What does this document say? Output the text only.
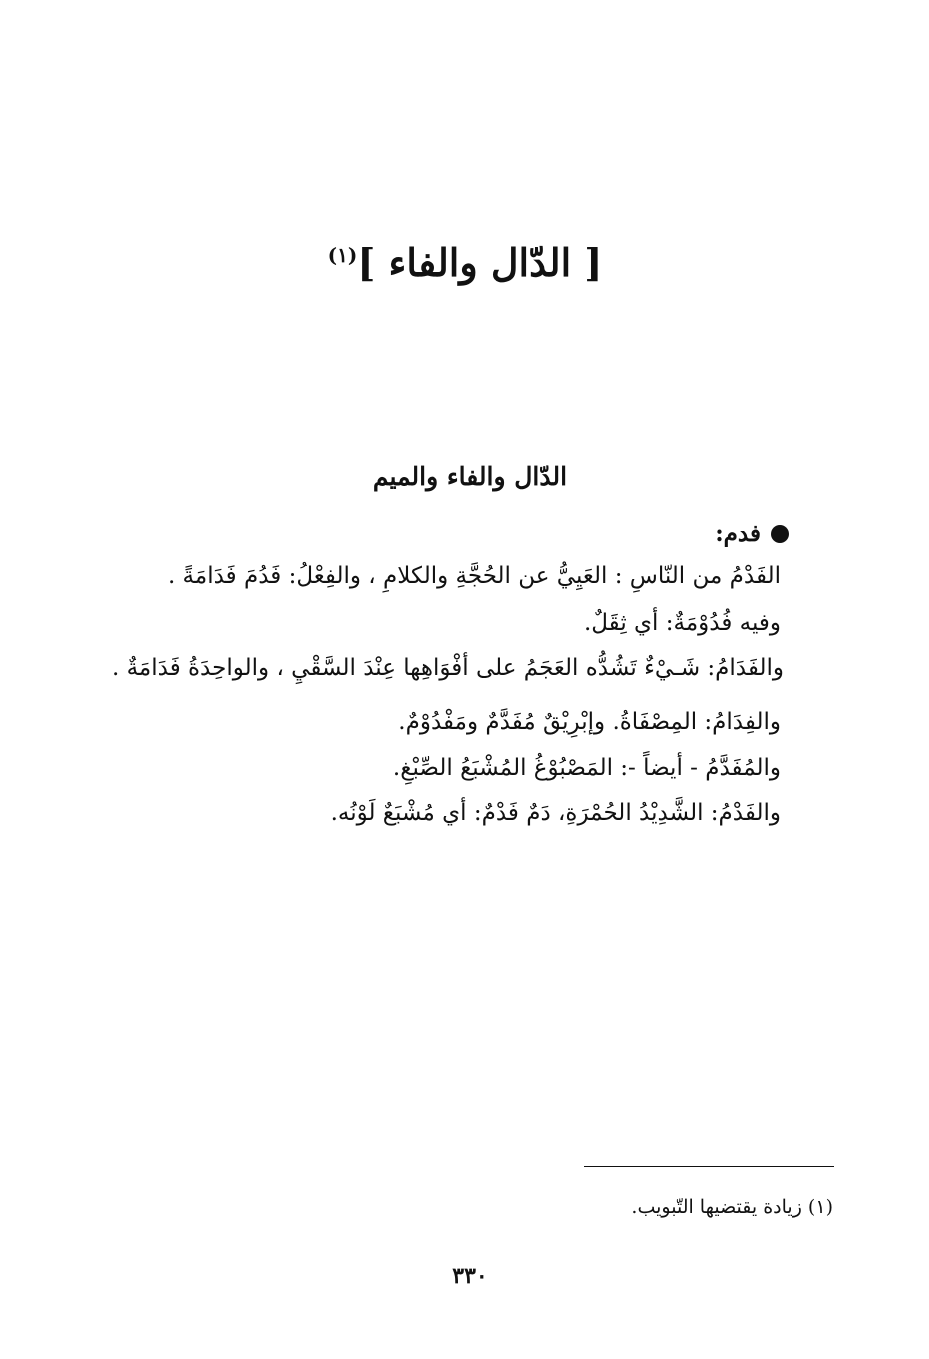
[ الدّال والفاء ]$^{(١)}$
الدّال والفاء والميم
فدم:
الفَدْمُ من النّاسِ : العَيِيُّ عن الحُجَّةِ والكلامِ ، والفِعْلُ: فَدُمَ فَدَامَةً .
وفيه فُدُوْمَةٌ: أي ثِقَلٌ.
والفَدَامُ: شَـيْءٌ تَشُدُّه العَجَمُ على أفْوَاهِها عِنْدَ السَّقْيِ ، والواحِدَةُ فَدَامَةٌ .
والفِدَامُ: المِصْفَاةُ. وإبْرِيْقٌ مُفَدَّمٌ ومَفْدُوْمٌ.
والمُفَدَّمُ - أيضاً -: المَصْبُوْغُ المُشْبَعُ الصِّبْغِ.
والفَدْمُ: الشَّدِيْدُ الحُمْرَةِ، دَمٌ فَدْمٌ: أي مُشْبَعٌ لَوْنُه.
(١) زيادة يقتضيها التّبويب.
٣٣٠
